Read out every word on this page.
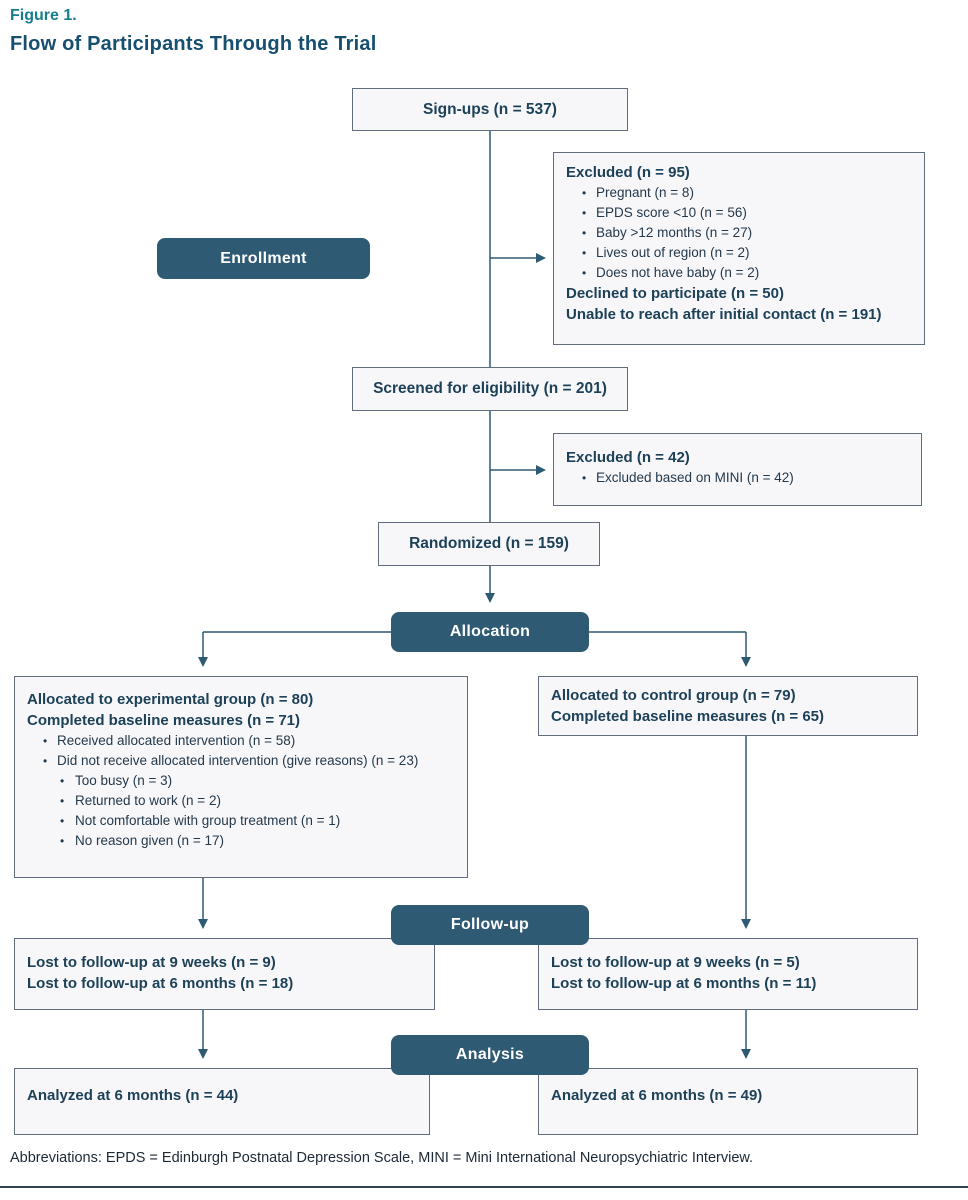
Figure 1.
Flow of Participants Through the Trial
Sign-ups (n = 537)
Excluded (n = 95)
• Pregnant (n = 8)
• EPDS score <10 (n = 56)
• Baby >12 months (n = 27)
• Lives out of region (n = 2)
• Does not have baby (n = 2)
Declined to participate (n = 50)
Unable to reach after initial contact (n = 191)
Enrollment
Screened for eligibility (n = 201)
Excluded (n = 42)
• Excluded based on MINI (n = 42)
Randomized (n = 159)
Allocation
Allocated to experimental group (n = 80)
Completed baseline measures (n = 71)
• Received allocated intervention (n = 58)
• Did not receive allocated intervention (give reasons) (n = 23)
• Too busy (n = 3)
• Returned to work (n = 2)
• Not comfortable with group treatment (n = 1)
• No reason given (n = 17)
Allocated to control group (n = 79)
Completed baseline measures (n = 65)
Follow-up
Lost to follow-up at 9 weeks (n = 9)
Lost to follow-up at 6 months (n = 18)
Lost to follow-up at 9 weeks (n = 5)
Lost to follow-up at 6 months (n = 11)
Analysis
Analyzed at 6 months (n = 44)	Analyzed at 6 months (n = 49)
Abbreviations: EPDS = Edinburgh Postnatal Depression Scale, MINI = Mini International Neuropsychiatric Interview.
